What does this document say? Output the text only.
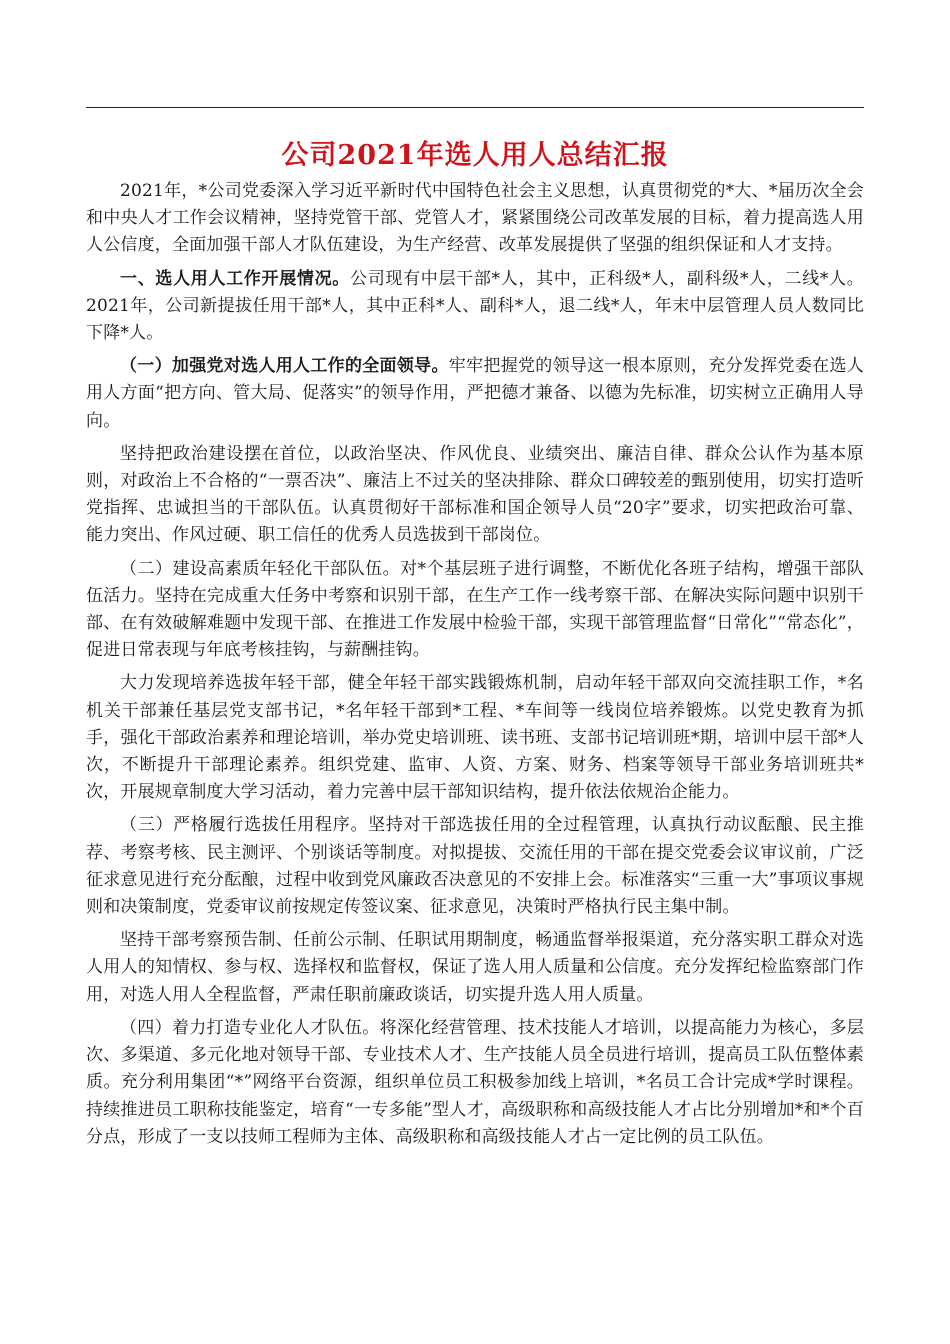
公司2021年选人用人总结汇报

2021年，*公司党委深入学习近平新时代中国特色社会主义思想，认真贯彻党的*大、*届历次全会和中央人才工作会议精神，坚持党管干部、党管人才，紧紧围绕公司改革发展的目标，着力提高选人用人公信度，全面加强干部人才队伍建设，为生产经营、改革发展提供了坚强的组织保证和人才支持。

一、选人用人工作开展情况。公司现有中层干部*人，其中，正科级*人，副科级*人，二线*人。2021年，公司新提拔任用干部*人，其中正科*人、副科*人，退二线*人，年末中层管理人员人数同比下降*人。

（一）加强党对选人用人工作的全面领导。牢牢把握党的领导这一根本原则，充分发挥党委在选人用人方面“把方向、管大局、促落实”的领导作用，严把德才兼备、以德为先标准，切实树立正确用人导向。

坚持把政治建设摆在首位，以政治坚决、作风优良、业绩突出、廉洁自律、群众公认作为基本原则，对政治上不合格的“一票否决”、廉洁上不过关的坚决排除、群众口碑较差的甄别使用，切实打造听党指挥、忠诚担当的干部队伍。认真贯彻好干部标准和国企领导人员“20字”要求，切实把政治可靠、能力突出、作风过硬、职工信任的优秀人员选拔到干部岗位。

（二）建设高素质年轻化干部队伍。对*个基层班子进行调整，不断优化各班子结构，增强干部队伍活力。坚持在完成重大任务中考察和识别干部，在生产工作一线考察干部、在解决实际问题中识别干部、在有效破解难题中发现干部、在推进工作发展中检验干部，实现干部管理监督“日常化”“常态化”，促进日常表现与年底考核挂钩，与薪酬挂钩。

大力发现培养选拔年轻干部，健全年轻干部实践锻炼机制，启动年轻干部双向交流挂职工作，*名机关干部兼任基层党支部书记，*名年轻干部到*工程、*车间等一线岗位培养锻炼。以党史教育为抓手，强化干部政治素养和理论培训，举办党史培训班、读书班、支部书记培训班*期，培训中层干部*人次，不断提升干部理论素养。组织党建、监审、人资、方案、财务、档案等领导干部业务培训班共*次，开展规章制度大学习活动，着力完善中层干部知识结构，提升依法依规治企能力。

（三）严格履行选拔任用程序。坚持对干部选拔任用的全过程管理，认真执行动议酝酿、民主推荐、考察考核、民主测评、个别谈话等制度。对拟提拔、交流任用的干部在提交党委会议审议前，广泛征求意见进行充分酝酿，过程中收到党风廉政否决意见的不安排上会。标准落实“三重一大”事项议事规则和决策制度，党委审议前按规定传签议案、征求意见，决策时严格执行民主集中制。

坚持干部考察预告制、任前公示制、任职试用期制度，畅通监督举报渠道，充分落实职工群众对选人用人的知情权、参与权、选择权和监督权，保证了选人用人质量和公信度。充分发挥纪检监察部门作用，对选人用人全程监督，严肃任职前廉政谈话，切实提升选人用人质量。

（四）着力打造专业化人才队伍。将深化经营管理、技术技能人才培训，以提高能力为核心，多层次、多渠道、多元化地对领导干部、专业技术人才、生产技能人员全员进行培训，提高员工队伍整体素质。充分利用集团“*”网络平台资源，组织单位员工积极参加线上培训，*名员工合计完成*学时课程。持续推进员工职称技能鉴定，培育“一专多能”型人才，高级职称和高级技能人才占比分别增加*和*个百分点，形成了一支以技师工程师为主体、高级职称和高级技能人才占一定比例的员工队伍。
